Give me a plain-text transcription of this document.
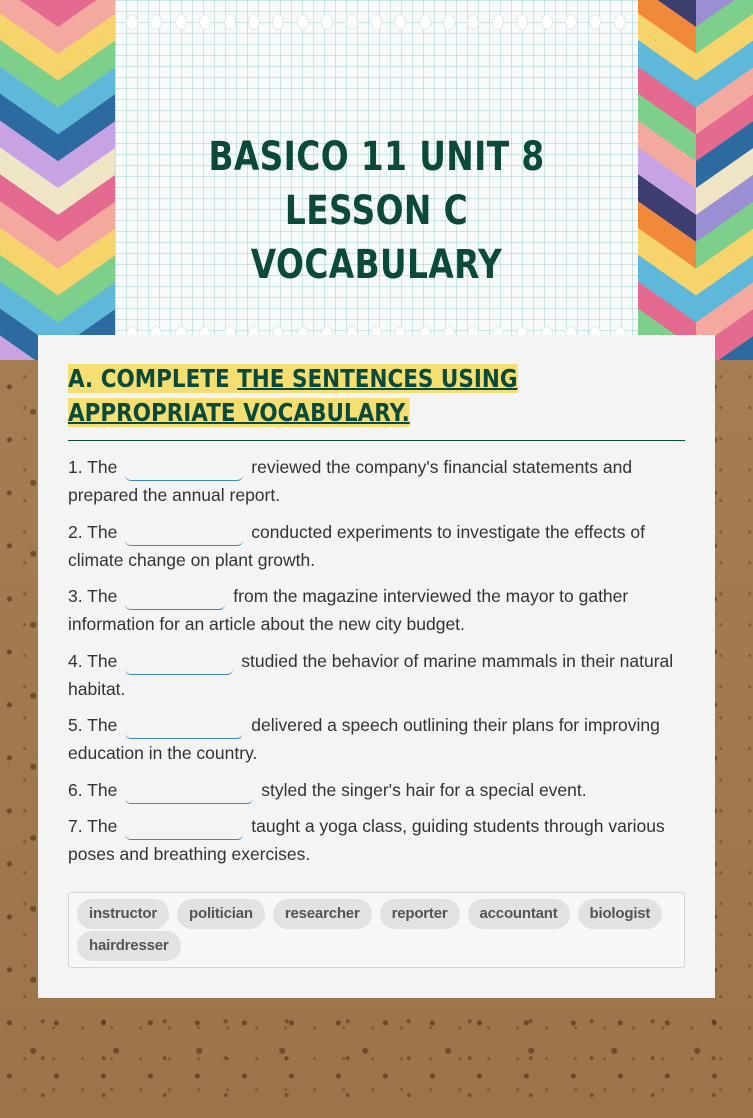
BASICO 11 UNIT 8 LESSON C VOCABULARY
A. COMPLETE THE SENTENCES USING APPROPRIATE VOCABULARY.

1. The	reviewed the company's financial statements and prepared the annual report.

2. The	conducted experiments to investigate the effects of climate change on plant growth.

3. The	from the magazine interviewed the mayor to gather information for an article about the new city budget.

4. The	studied the behavior of marine mammals in their natural habitat.

5. The	delivered a speech outlining their plans for improving education in the country.

6. The	styled the singer's hair for a special event.

7. The	taught a yoga class, guiding students through various poses and breathing exercises.

instructor	politician	researcher	reporter	accountant	biologist
hairdresser
